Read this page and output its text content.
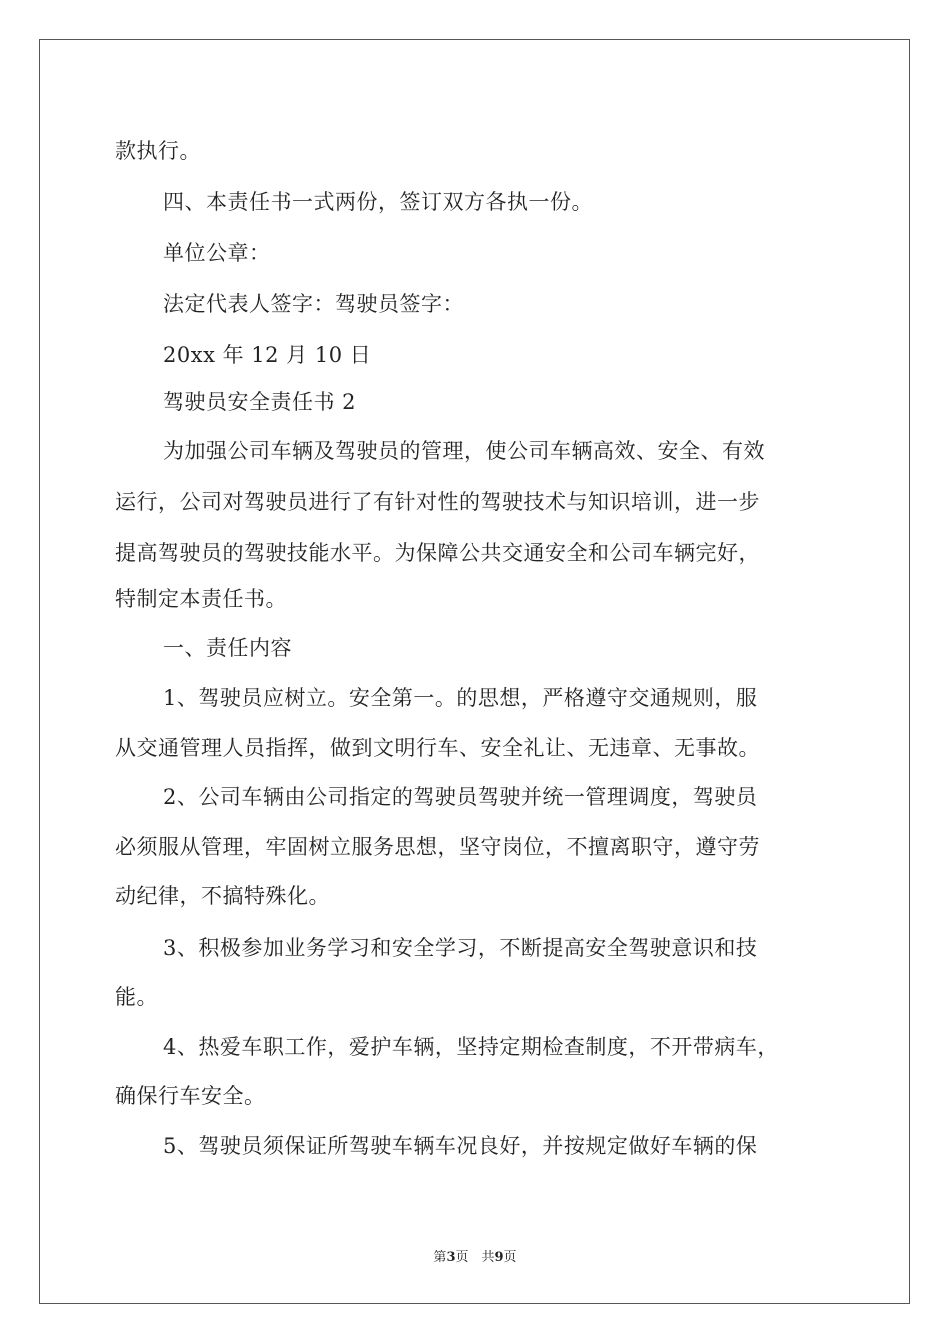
款执行。
四、本责任书一式两份，签订双方各执一份。
单位公章：
法定代表人签字：驾驶员签字：
20xx 年 12 月 10 日
驾驶员安全责任书 2
为加强公司车辆及驾驶员的管理，使公司车辆高效、安全、有效
运行，公司对驾驶员进行了有针对性的驾驶技术与知识培训，进一步
提高驾驶员的驾驶技能水平。为保障公共交通安全和公司车辆完好，
特制定本责任书。
一、责任内容
1、驾驶员应树立。安全第一。的思想，严格遵守交通规则，服
从交通管理人员指挥，做到文明行车、安全礼让、无违章、无事故。
2、公司车辆由公司指定的驾驶员驾驶并统一管理调度，驾驶员
必须服从管理，牢固树立服务思想，坚守岗位，不擅离职守，遵守劳
动纪律，不搞特殊化。
3、积极参加业务学习和安全学习，不断提高安全驾驶意识和技
能。
4、热爱车职工作，爱护车辆，坚持定期检查制度，不开带病车，
确保行车安全。
5、驾驶员须保证所驾驶车辆车况良好，并按规定做好车辆的保
第3页　共9页
